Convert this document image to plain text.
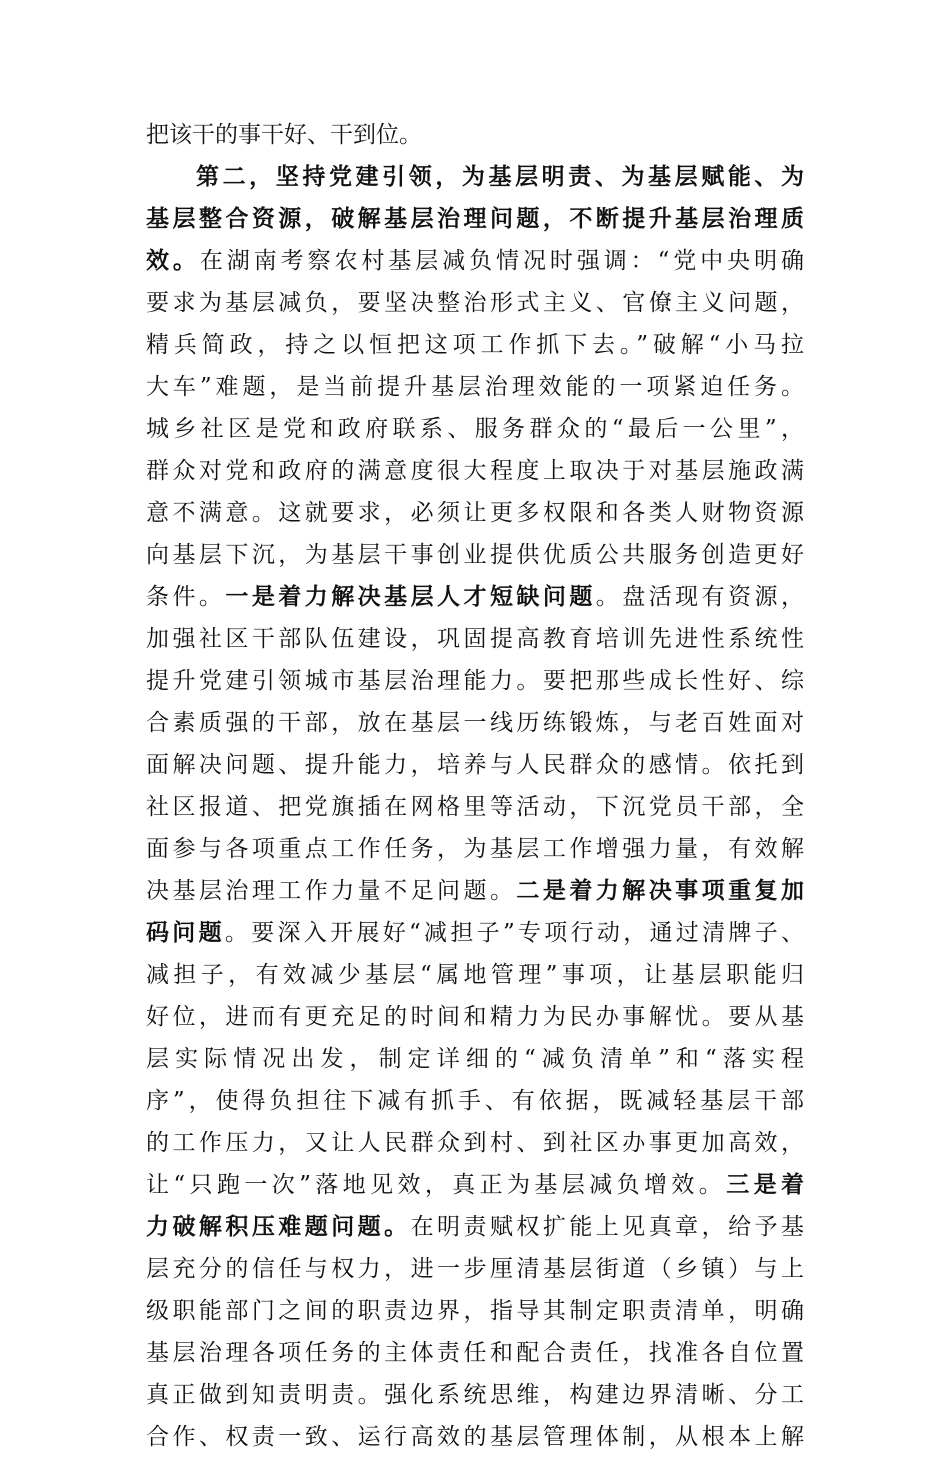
把该干的事干好、干到位。
第二，坚持党建引领，为基层明责、为基层赋能、为
基层整合资源，破解基层治理问题，不断提升基层治理质
效。在湖南考察农村基层减负情况时强调：“党中央明确
要求为基层减负，要坚决整治形式主义、官僚主义问题，
精兵简政，持之以恒把这项工作抓下去。”破解“小马拉
大车”难题，是当前提升基层治理效能的一项紧迫任务。
城乡社区是党和政府联系、服务群众的“最后一公里”，
群众对党和政府的满意度很大程度上取决于对基层施政满
意不满意。这就要求，必须让更多权限和各类人财物资源
向基层下沉，为基层干事创业提供优质公共服务创造更好
条件。一是着力解决基层人才短缺问题。盘活现有资源，
加强社区干部队伍建设，巩固提高教育培训先进性系统性
提升党建引领城市基层治理能力。要把那些成长性好、综
合素质强的干部，放在基层一线历练锻炼，与老百姓面对
面解决问题、提升能力，培养与人民群众的感情。依托到
社区报道、把党旗插在网格里等活动，下沉党员干部，全
面参与各项重点工作任务，为基层工作增强力量，有效解
决基层治理工作力量不足问题。二是着力解决事项重复加
码问题。要深入开展好“减担子”专项行动，通过清牌子、
减担子，有效减少基层“属地管理”事项，让基层职能归
好位，进而有更充足的时间和精力为民办事解忧。要从基
层实际情况出发，制定详细的“减负清单”和“落实程
序”，使得负担往下减有抓手、有依据，既减轻基层干部
的工作压力，又让人民群众到村、到社区办事更加高效，
让“只跑一次”落地见效，真正为基层减负增效。三是着
力破解积压难题问题。在明责赋权扩能上见真章，给予基
层充分的信任与权力，进一步厘清基层街道（乡镇）与上
级职能部门之间的职责边界，指导其制定职责清单，明确
基层治理各项任务的主体责任和配合责任，找准各自位置
真正做到知责明责。强化系统思维，构建边界清晰、分工
合作、权责一致、运行高效的基层管理体制，从根本上解
